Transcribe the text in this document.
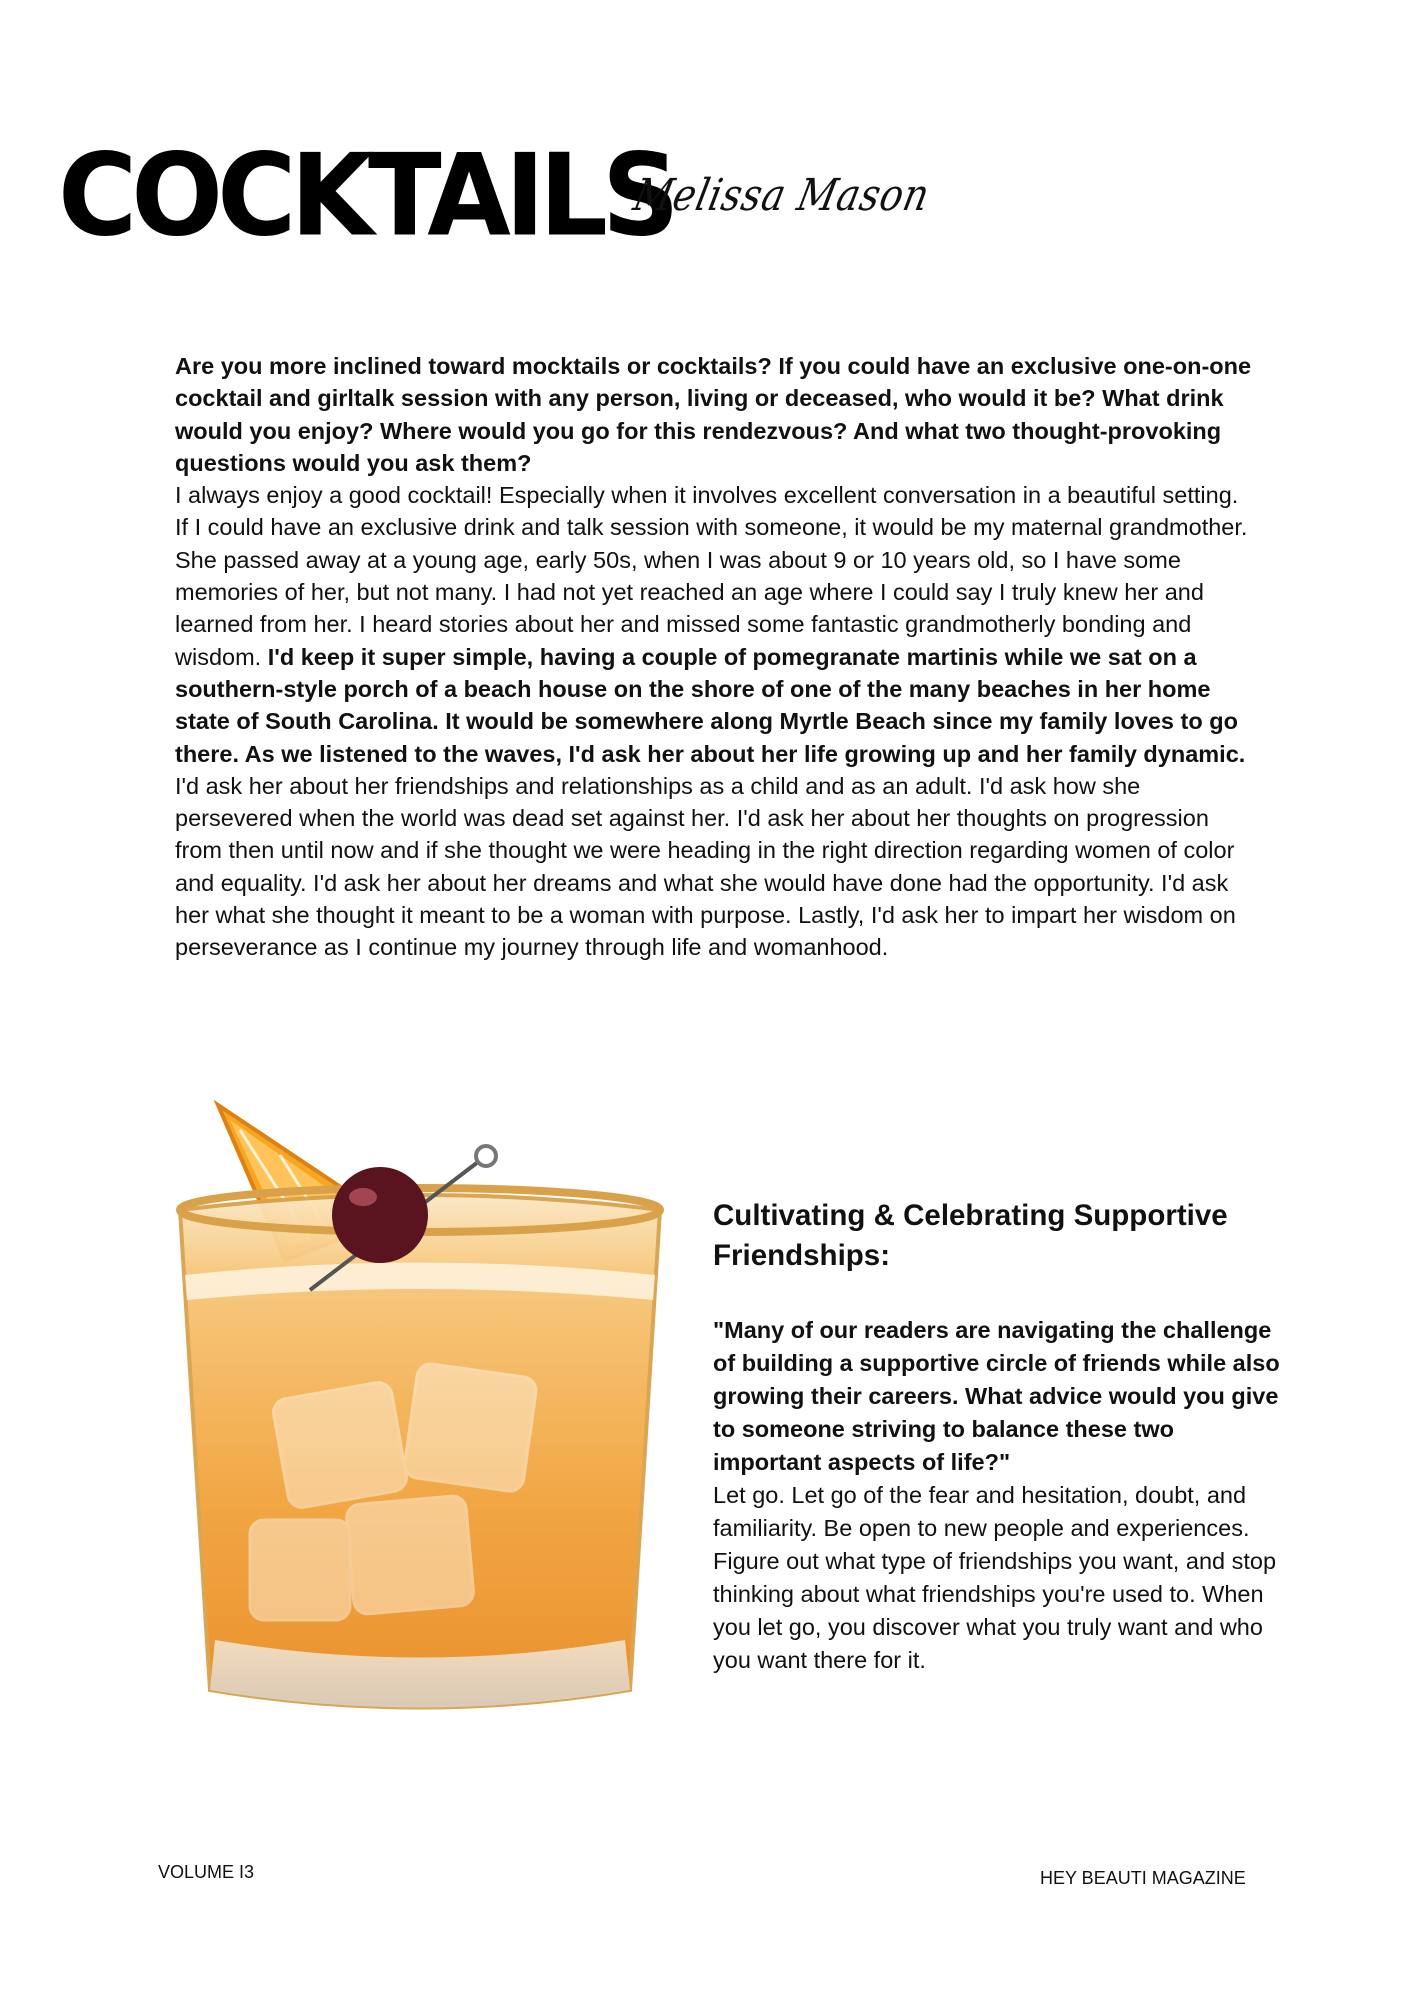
COCKTAILS
Melissa Mason
Are you more inclined toward mocktails or cocktails? If you could have an exclusive one-on-one cocktail and girltalk session with any person, living or deceased, who would it be? What drink would you enjoy? Where would you go for this rendezvous? And what two thought-provoking questions would you ask them?
I always enjoy a good cocktail! Especially when it involves excellent conversation in a beautiful setting. If I could have an exclusive drink and talk session with someone, it would be my maternal grandmother. She passed away at a young age, early 50s, when I was about 9 or 10 years old, so I have some memories of her, but not many. I had not yet reached an age where I could say I truly knew her and learned from her. I heard stories about her and missed some fantastic grandmotherly bonding and wisdom. I'd keep it super simple, having a couple of pomegranate martinis while we sat on a southern-style porch of a beach house on the shore of one of the many beaches in her home state of South Carolina. It would be somewhere along Myrtle Beach since my family loves to go there. As we listened to the waves, I'd ask her about her life growing up and her family dynamic. I'd ask her about her friendships and relationships as a child and as an adult. I'd ask how she persevered when the world was dead set against her. I'd ask her about her thoughts on progression from then until now and if she thought we were heading in the right direction regarding women of color and equality. I'd ask her about her dreams and what she would have done had the opportunity. I'd ask her what she thought it meant to be a woman with purpose. Lastly, I'd ask her to impart her wisdom on perseverance as I continue my journey through life and womanhood.
Cultivating & Celebrating Supportive Friendships:
"Many of our readers are navigating the challenge of building a supportive circle of friends while also growing their careers. What advice would you give to someone striving to balance these two important aspects of life?"
Let go. Let go of the fear and hesitation, doubt, and familiarity. Be open to new people and experiences. Figure out what type of friendships you want, and stop thinking about what friendships you're used to. When you let go, you discover what you truly want and who you want there for it.
VOLUME I3	HEY BEAUTI MAGAZINE
